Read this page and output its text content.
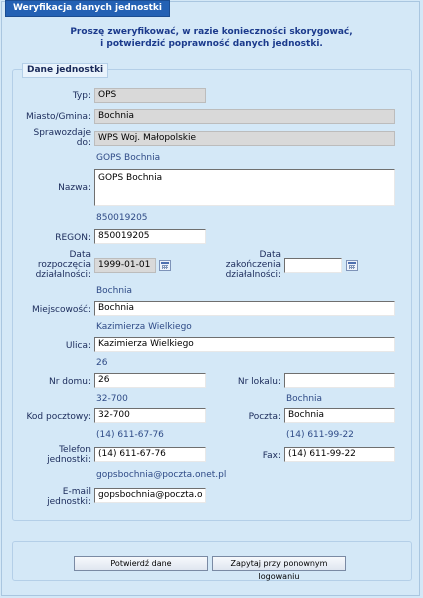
Weryfikacja danych jednostki
Proszę zweryfikować, w razie konieczności skorygować,
i potwierdzić poprawność danych jednostki.
Dane jednostki
Typ: OPS
Miasto/Gmina: Bochnia
Sprawozdaje
do: WPS Woj. Małopolskie
GOPS Bochnia
Nazwa:
GOPS Bochnia
850019205
REGON: 850019205
Data
rozpoczęcia
działalności:
1999-01-01
Data
zakończenia
działalności:
Bochnia
Miejscowość: Bochnia
Kazimierza Wielkiego
Ulica: Kazimierza Wielkiego
26
Nr domu: 26	Nr lokalu:
32-700	Bochnia
Kod pocztowy: 32-700	Poczta: Bochnia
(14) 611-67-76	(14) 611-99-22
Telefon
jednostki:
(14) 611-67-76	Fax: (14) 611-99-22
gopsbochnia@poczta.onet.pl
E-mail
jednostki:
gopsbochnia@poczta.o
Potwierdź dane	Zapytaj przy ponownym logowaniu
